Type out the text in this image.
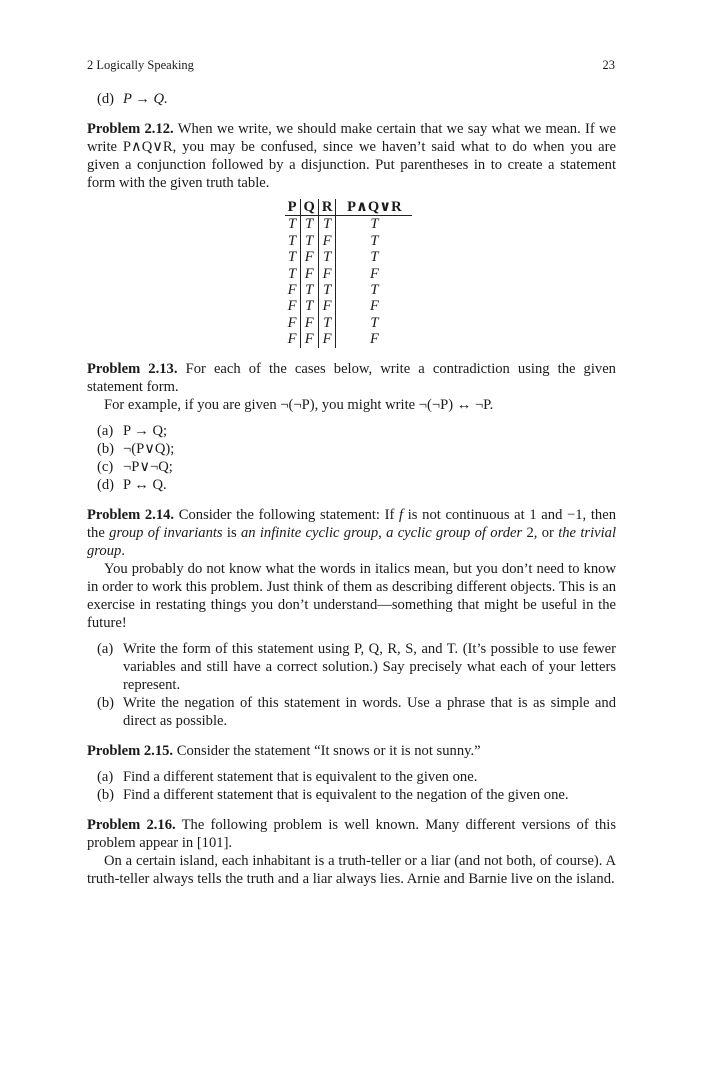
2 Logically Speaking	23
(d) P → Q.

Problem 2.12. When we write, we should make certain that we say what we mean. If we write P∧Q∨R, you may be confused, since we haven’t said what to do when you are given a conjunction followed by a disjunction. Put parentheses in to create a statement form with the given truth table.

P	Q	R	P∧Q∨R
T	T	T	T
T	T	F	T
T	F	T	T
T	F	F	F
F	T	T	T
F	T	F	F
F	F	T	T
F	F	F	F

Problem 2.13. For each of the cases below, write a contradiction using the given statement form.

For example, if you are given ¬(¬P), you might write ¬(¬P) ↔ ¬P.

(a) P → Q;
(b) ¬(P∨Q);
(c) ¬P∨¬Q;
(d) P ↔ Q.

Problem 2.14. Consider the following statement: If f is not continuous at 1 and −1, then the group of invariants is an infinite cyclic group, a cyclic group of order 2, or the trivial group.

You probably do not know what the words in italics mean, but you don’t need to know in order to work this problem. Just think of them as describing different objects. This is an exercise in restating things you don’t understand—something that might be useful in the future!

(a) Write the form of this statement using P, Q, R, S, and T. (It’s possible to use fewer variables and still have a correct solution.) Say precisely what each of your letters represent.
(b) Write the negation of this statement in words. Use a phrase that is as simple and direct as possible.

Problem 2.15. Consider the statement “It snows or it is not sunny.”

(a) Find a different statement that is equivalent to the given one.
(b) Find a different statement that is equivalent to the negation of the given one.

Problem 2.16. The following problem is well known. Many different versions of this problem appear in [101].

On a certain island, each inhabitant is a truth-teller or a liar (and not both, of course). A truth-teller always tells the truth and a liar always lies. Arnie and Barnie live on the island.
